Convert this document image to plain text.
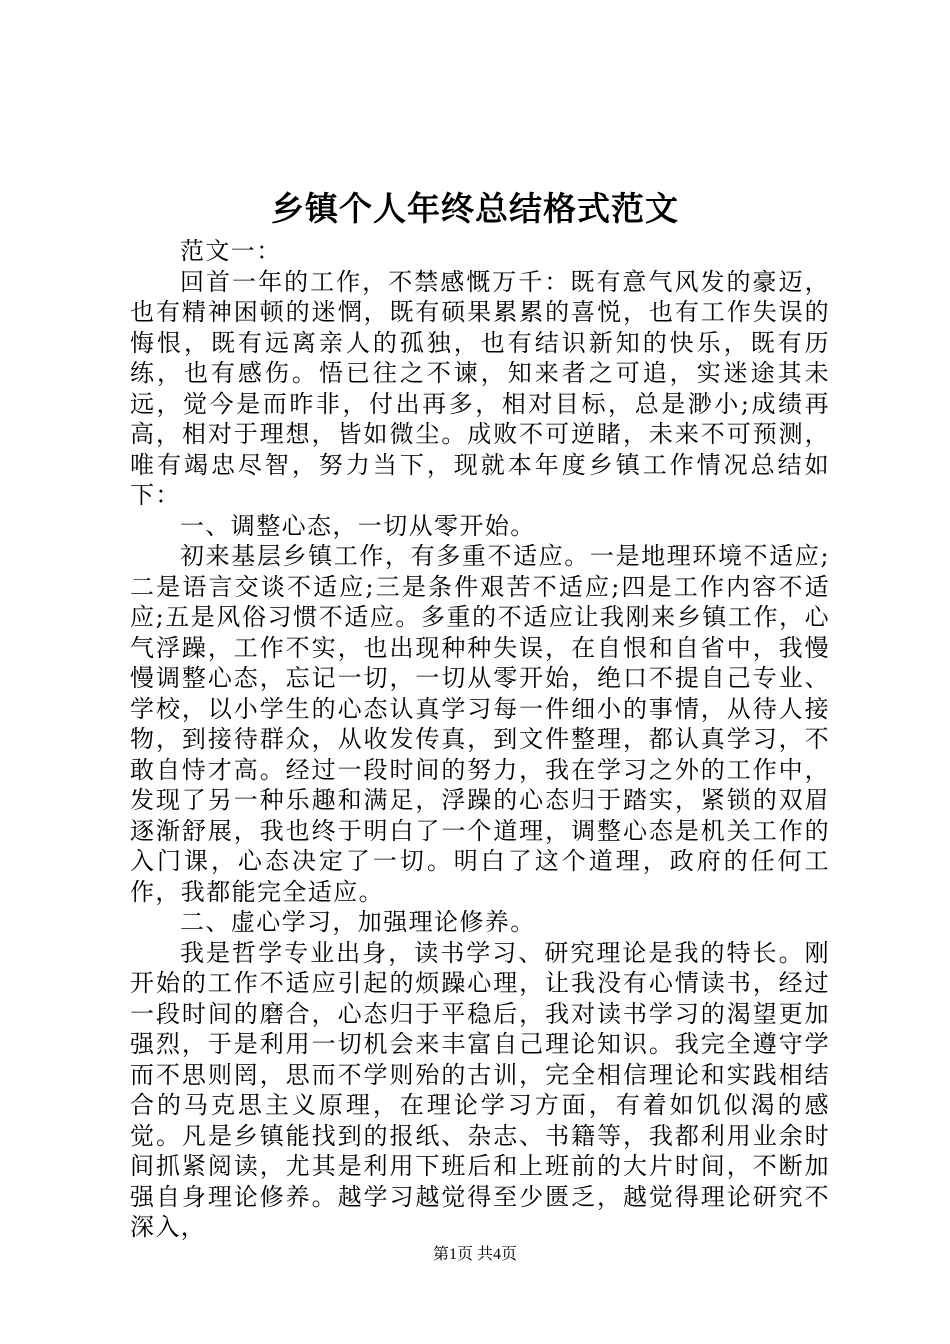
乡镇个人年终总结格式范文

范文一：

回首一年的工作，不禁感慨万千：既有意气风发的豪迈，也有精神困顿的迷惘，既有硕果累累的喜悦，也有工作失误的悔恨，既有远离亲人的孤独，也有结识新知的快乐，既有历练，也有感伤。悟已往之不谏，知来者之可追，实迷途其未远，觉今是而昨非，付出再多，相对目标，总是渺小;成绩再高，相对于理想，皆如微尘。成败不可逆睹，未来不可预测，唯有竭忠尽智，努力当下，现就本年度乡镇工作情况总结如下：

一、调整心态，一切从零开始。

初来基层乡镇工作，有多重不适应。一是地理环境不适应;二是语言交谈不适应;三是条件艰苦不适应;四是工作内容不适应;五是风俗习惯不适应。多重的不适应让我刚来乡镇工作，心气浮躁，工作不实，也出现种种失误，在自恨和自省中，我慢慢调整心态，忘记一切，一切从零开始，绝口不提自己专业、学校，以小学生的心态认真学习每一件细小的事情，从待人接物，到接待群众，从收发传真，到文件整理，都认真学习，不敢自恃才高。经过一段时间的努力，我在学习之外的工作中，发现了另一种乐趣和满足，浮躁的心态归于踏实，紧锁的双眉逐渐舒展，我也终于明白了一个道理，调整心态是机关工作的入门课，心态决定了一切。明白了这个道理，政府的任何工作，我都能完全适应。

二、虚心学习，加强理论修养。

我是哲学专业出身，读书学习、研究理论是我的特长。刚开始的工作不适应引起的烦躁心理，让我没有心情读书，经过一段时间的磨合，心态归于平稳后，我对读书学习的渴望更加强烈，于是利用一切机会来丰富自己理论知识。我完全遵守学而不思则罔，思而不学则殆的古训，完全相信理论和实践相结合的马克思主义原理，在理论学习方面，有着如饥似渴的感觉。凡是乡镇能找到的报纸、杂志、书籍等，我都利用业余时间抓紧阅读，尤其是利用下班后和上班前的大片时间，不断加强自身理论修养。越学习越觉得至少匮乏，越觉得理论研究不深入，

第1页 共4页
